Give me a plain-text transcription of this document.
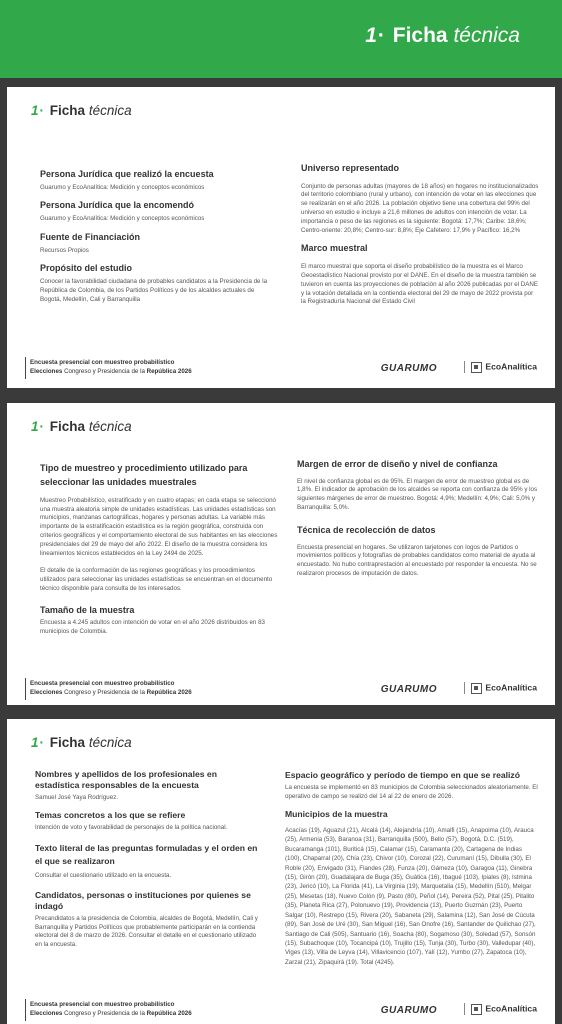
1· Ficha técnica
1· Ficha técnica
Persona Jurídica que realizó la encuesta
Guarumo y EcoAnalítica: Medición y conceptos económicos
Persona Jurídica que la encomendó
Guarumo y EcoAnalítica: Medición y conceptos económicos
Fuente de Financiación
Recursos Propios
Propósito del estudio
Conocer la favorabilidad ciudadana de probables candidatos a la Presidencia de la República de Colombia, de los Partidos Políticos y de los alcaldes actuales de Bogotá, Medellín, Cali y Barranquilla
Universo representado
Conjunto de personas adultas (mayores de 18 años) en hogares no institucionalizados del territorio colombiano (rural y urbano), con intención de votar en las elecciones que se realizarán en el año 2026. La población objetivo tiene una cobertura del 99% del universo en estudio e incluye a 21,6 millones de adultos con intención de votar. La importancia o peso de las regiones es la siguiente: Bogotá: 17,7%; Caribe: 18,6%; Centro-oriente: 20,8%; Centro-sur: 8,8%; Eje Cafetero: 17,9% y Pacífico: 16,2%
Marco muestral
El marco muestral que soporta el diseño probabilístico de la muestra es el Marco Geoestadístico Nacional provisto por el DANE. En el diseño de la muestra también se tuvieron en cuenta las proyecciones de población al año 2026 publicadas por el DANE y la votación detallada en la contienda electoral del 29 de mayo de 2022 provista por la Registraduría Nacional del Estado Civil
Encuesta presencial con muestreo probabilístico
Elecciones Congreso y Presidencia de la República 2026	GUARUMO	EcoAnalítica
1· Ficha técnica
Tipo de muestreo y procedimiento utilizado para seleccionar las unidades muestrales
Muestreo Probabilístico, estratificado y en cuatro etapas; en cada etapa se seleccionó una muestra aleatoria simple de unidades estadísticas. Las unidades estadísticas son municipios, manzanas cartográficas, hogares y personas adultas. La variable más importante de la estratificación estadística es la región geográfica, construida con criterios geográficos y el comportamiento electoral de sus habitantes en las elecciones presidenciales del 29 de mayo del año 2022. El diseño de la muestra considera los lineamientos técnicos establecidos en la Ley 2494 de 2025.
El detalle de la conformación de las regiones geográficas y los procedimientos utilizados para seleccionar las unidades estadísticas se encuentran en el documento técnico disponible para consulta de los interesados.
Tamaño de la muestra
Encuesta a 4.245 adultos con intención de votar en el año 2026 distribuidos en 83 municipios de Colombia.
Margen de error de diseño y nivel de confianza
El nivel de confianza global es de 95%. El margen de error de muestreo global es de 1,8%. El indicador de aprobación de los alcaldes se reporta con confianza de 95% y los siguientes márgenes de error de muestreo. Bogotá: 4,9%; Medellín: 4,9%; Cali: 5,0% y Barranquilla: 5,0%.
Técnica de recolección de datos
Encuesta presencial en hogares. Se utilizaron tarjetones con logos de Partidos o movimientos políticos y fotografías de probables candidatos como material de ayuda al encuestado. No hubo contraprestación al encuestado por responder la encuesta. No se realizaron procesos de imputación de datos.
Encuesta presencial con muestreo probabilístico
Elecciones Congreso y Presidencia de la República 2026	GUARUMO	EcoAnalítica
1· Ficha técnica
Nombres y apellidos de los profesionales en estadística responsables de la encuesta
Samuel José Yaya Rodríguez.
Temas concretos a los que se refiere
Intención de voto y favorabilidad de personajes de la política nacional.
Texto literal de las preguntas formuladas y el orden en el que se realizaron
Consultar el cuestionario utilizado en la encuesta.
Candidatos, personas o instituciones por quienes se indagó
Precandidatos a la presidencia de Colombia, alcaldes de Bogotá, Medellín, Cali y Barranquilla y Partidos Políticos que probablemente participarán en la contienda electoral del 8 de marzo de 2026. Consultar el detalle en el cuestionario utilizado en la encuesta.
Espacio geográfico y período de tiempo en que se realizó
La encuesta se implementó en 83 municipios de Colombia seleccionados aleatoriamente. El operativo de campo se realizó del 14 al 22 de enero de 2026.
Municipios de la muestra
Acacías (19), Aguazul (21), Alcalá (14), Alejandría (10), Amalfi (15), Anapoima (10), Arauca (25), Armenia (53), Baranoa (31), Barranquilla (500), Bello (57), Bogotá, D.C. (519), Bucaramanga (101), Buriticá (15), Calamar (15), Caramanta (20), Cartagena de Indias (100), Chaparral (20), Chía (23), Chivor (10), Corozal (22), Curumaní (15), Dibulla (30), El Roble (20), Envigado (31), Flandes (28), Funza (20), Gámeza (10), Garagoa (11), Ginebra (15), Girón (20), Guadalajara de Buga (35), Guática (16), Ibagué (103), Ipiales (8), Istmina (23), Jericó (10), La Florida (41), La Virginia (19), Marquetalia (15), Medellín (510), Melgar (25), Mesetas (18), Nuevo Colón (9), Pasto (80), Peñol (14), Pereira (52), Pital (25), Pitalito (35), Planeta Rica (27), Polonuevo (19), Providencia (13), Puerto Guzmán (23), Puerto Salgar (10), Restrepo (15), Rivera (20), Sabaneta (29), Salamina (12), San José de Cúcuta (89), San José de Uré (30), San Miguel (16), San Onofre (16), Santander de Quilichao (27), Santiago de Cali (505), Santuario (16), Soacha (80), Sogamoso (30), Soledad (57), Sonsón (15), Subachoque (10), Tocancipá (10), Trujillo (15), Tunja (30), Turbo (30), Valledupar (40), Viges (13), Villa de Leyva (14), Villavicencio (107), Yalí (12), Yumbo (27), Zapatoca (10), Zarzal (21), Zipaquirá (19). Total (4245).
Encuesta presencial con muestreo probabilístico
Elecciones Congreso y Presidencia de la República 2026	GUARUMO	EcoAnalítica
